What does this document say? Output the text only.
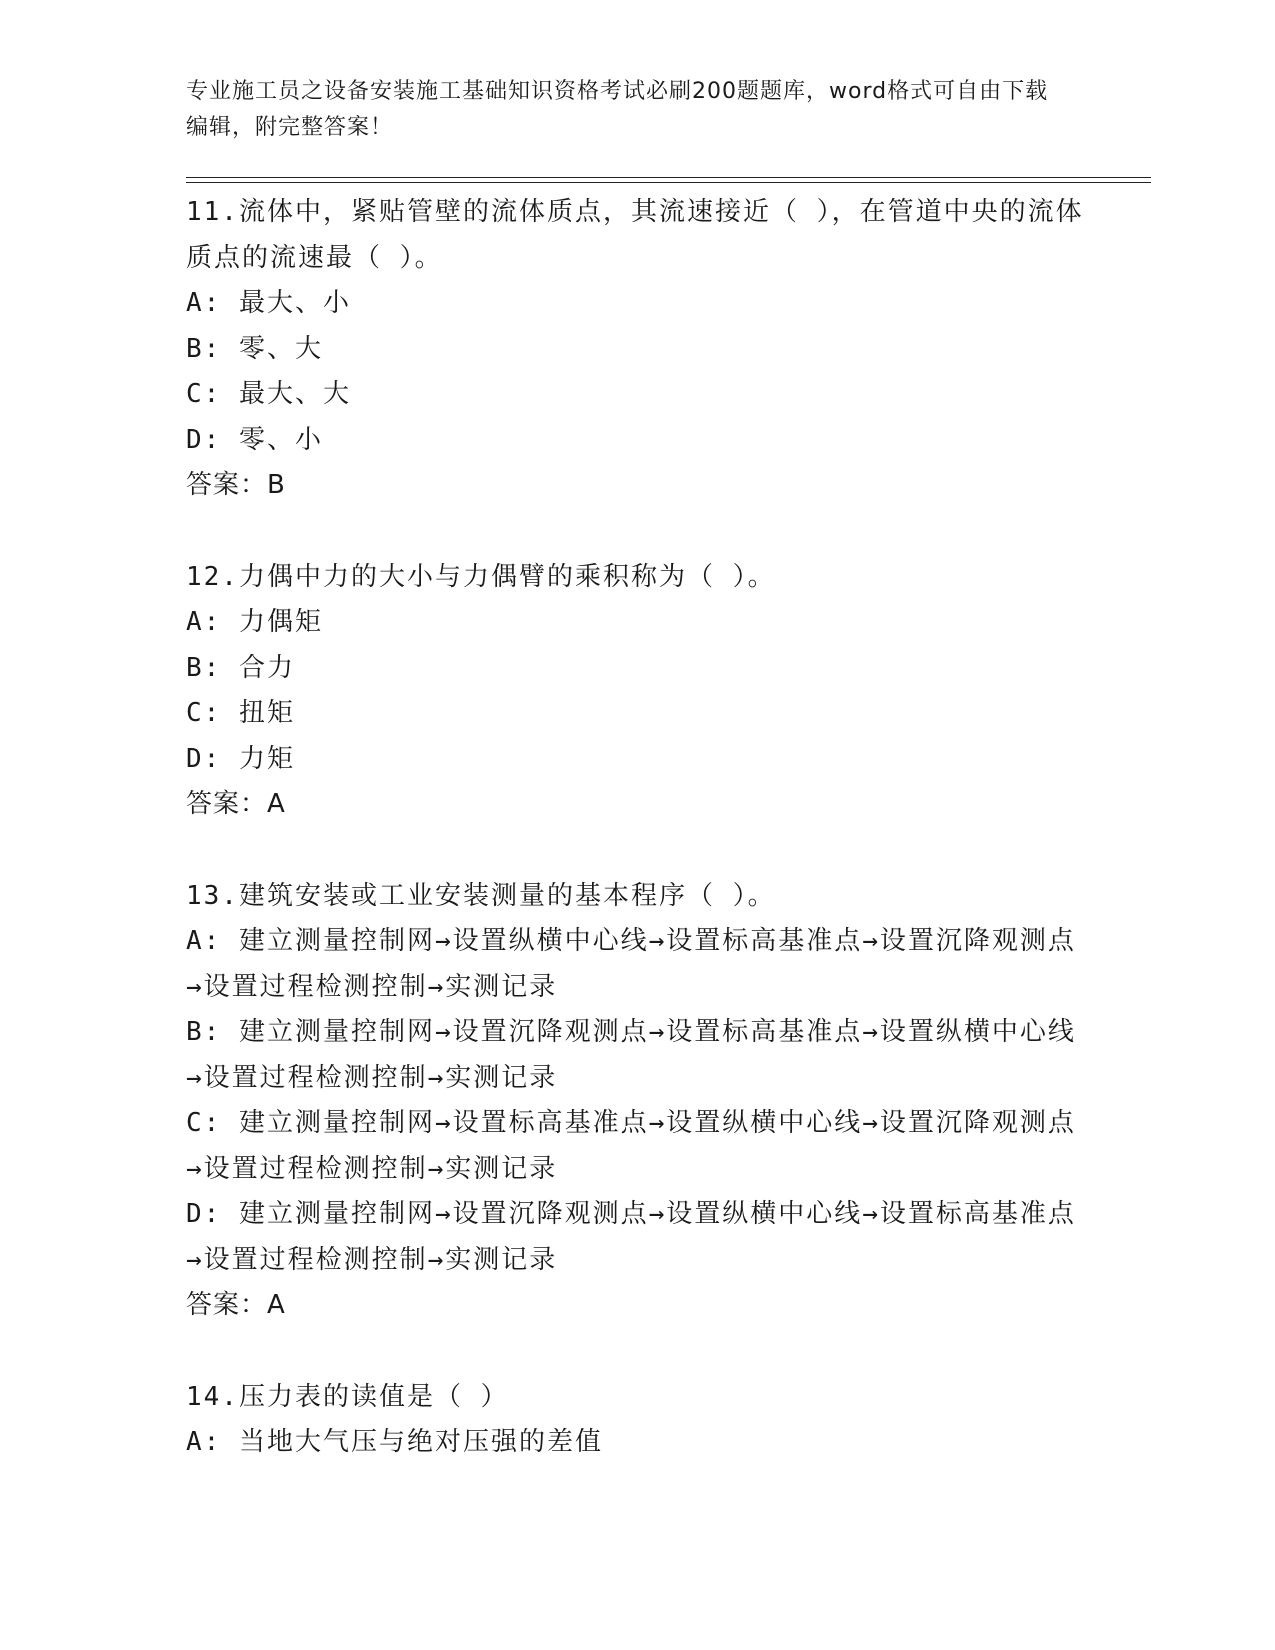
专业施工员之设备安装施工基础知识资格考试必刷200题题库，word格式可自由下载编辑，附完整答案！

11.流体中，紧贴管壁的流体质点，其流速接近（ ），在管道中央的流体质点的流速最（ ）。

A: 最大、小

B: 零、大

C: 最大、大

D: 零、小

答案：B

12.力偶中力的大小与力偶臂的乘积称为（ ）。

A: 力偶矩

B: 合力

C: 扭矩

D: 力矩

答案：A

13.建筑安装或工业安装测量的基本程序（ ）。

A: 建立测量控制网→设置纵横中心线→设置标高基准点→设置沉降观测点→设置过程检测控制→实测记录

B: 建立测量控制网→设置沉降观测点→设置标高基准点→设置纵横中心线→设置过程检测控制→实测记录

C: 建立测量控制网→设置标高基准点→设置纵横中心线→设置沉降观测点→设置过程检测控制→实测记录

D: 建立测量控制网→设置沉降观测点→设置纵横中心线→设置标高基准点→设置过程检测控制→实测记录

答案：A

14.压力表的读值是（ ）

A: 当地大气压与绝对压强的差值
